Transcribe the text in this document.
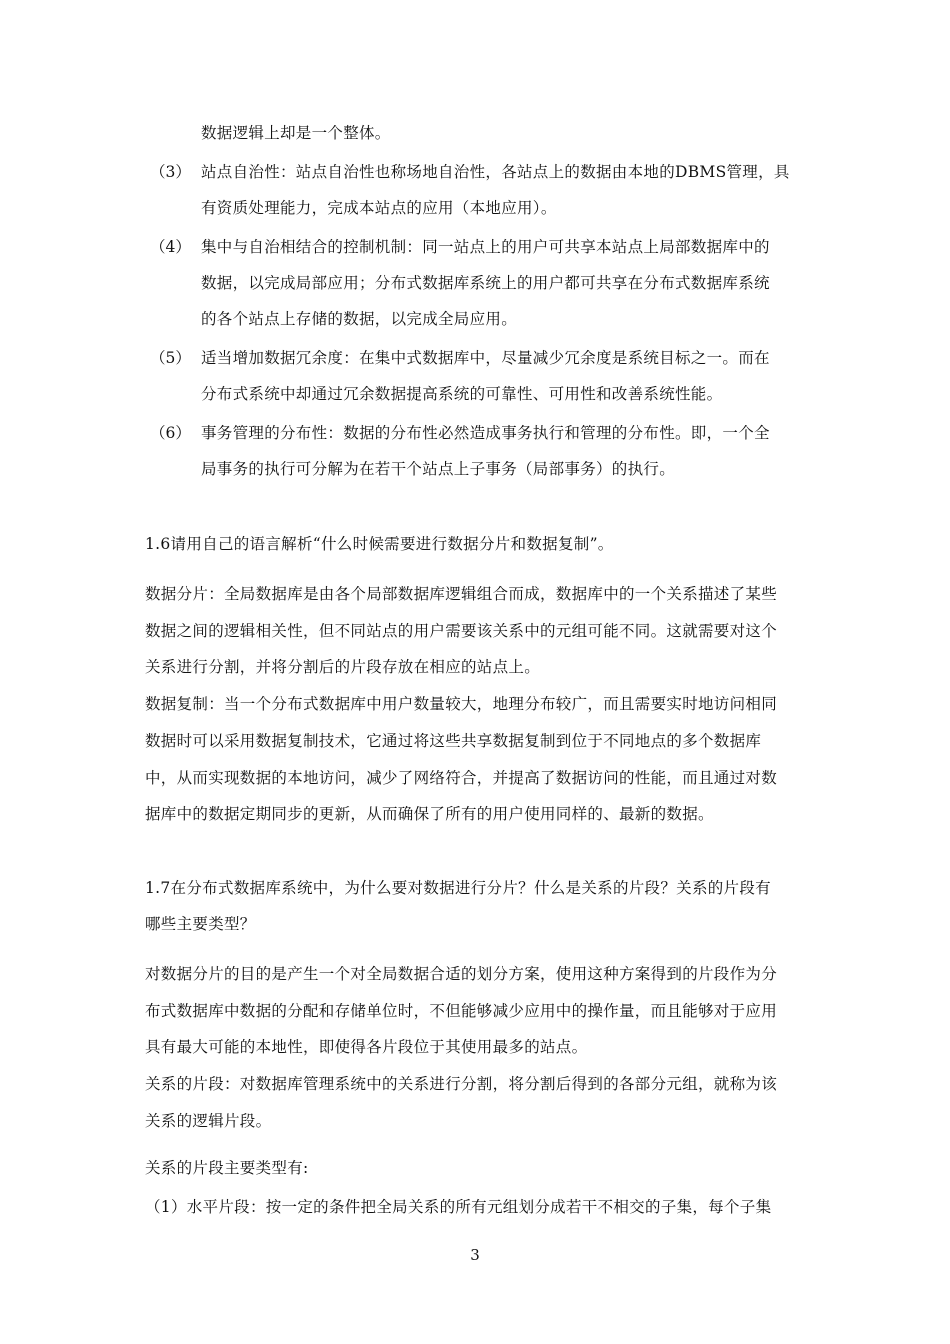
数据逻辑上却是一个整体。
（3） 站点自治性：站点自治性也称场地自治性，各站点上的数据由本地的DBMS管理，具
有资质处理能力，完成本站点的应用（本地应用）。
（4） 集中与自治相结合的控制机制：同一站点上的用户可共享本站点上局部数据库中的
数据，以完成局部应用；分布式数据库系统上的用户都可共享在分布式数据库系统
的各个站点上存储的数据，以完成全局应用。
（5） 适当增加数据冗余度：在集中式数据库中，尽量减少冗余度是系统目标之一。而在
分布式系统中却通过冗余数据提高系统的可靠性、可用性和改善系统性能。
（6） 事务管理的分布性：数据的分布性必然造成事务执行和管理的分布性。即，一个全
局事务的执行可分解为在若干个站点上子事务（局部事务）的执行。
1.6请用自己的语言解析“什么时候需要进行数据分片和数据复制”。
数据分片：全局数据库是由各个局部数据库逻辑组合而成，数据库中的一个关系描述了某些
数据之间的逻辑相关性，但不同站点的用户需要该关系中的元组可能不同。这就需要对这个
关系进行分割，并将分割后的片段存放在相应的站点上。
数据复制：当一个分布式数据库中用户数量较大，地理分布较广，而且需要实时地访问相同
数据时可以采用数据复制技术，它通过将这些共享数据复制到位于不同地点的多个数据库
中，从而实现数据的本地访问，减少了网络符合，并提高了数据访问的性能，而且通过对数
据库中的数据定期同步的更新，从而确保了所有的用户使用同样的、最新的数据。
1.7在分布式数据库系统中，为什么要对数据进行分片？什么是关系的片段？关系的片段有
哪些主要类型？
对数据分片的目的是产生一个对全局数据合适的划分方案，使用这种方案得到的片段作为分
布式数据库中数据的分配和存储单位时，不但能够减少应用中的操作量，而且能够对于应用
具有最大可能的本地性，即使得各片段位于其使用最多的站点。
关系的片段：对数据库管理系统中的关系进行分割，将分割后得到的各部分元组，就称为该
关系的逻辑片段。
关系的片段主要类型有:
（1）水平片段：按一定的条件把全局关系的所有元组划分成若干不相交的子集，每个子集
3
